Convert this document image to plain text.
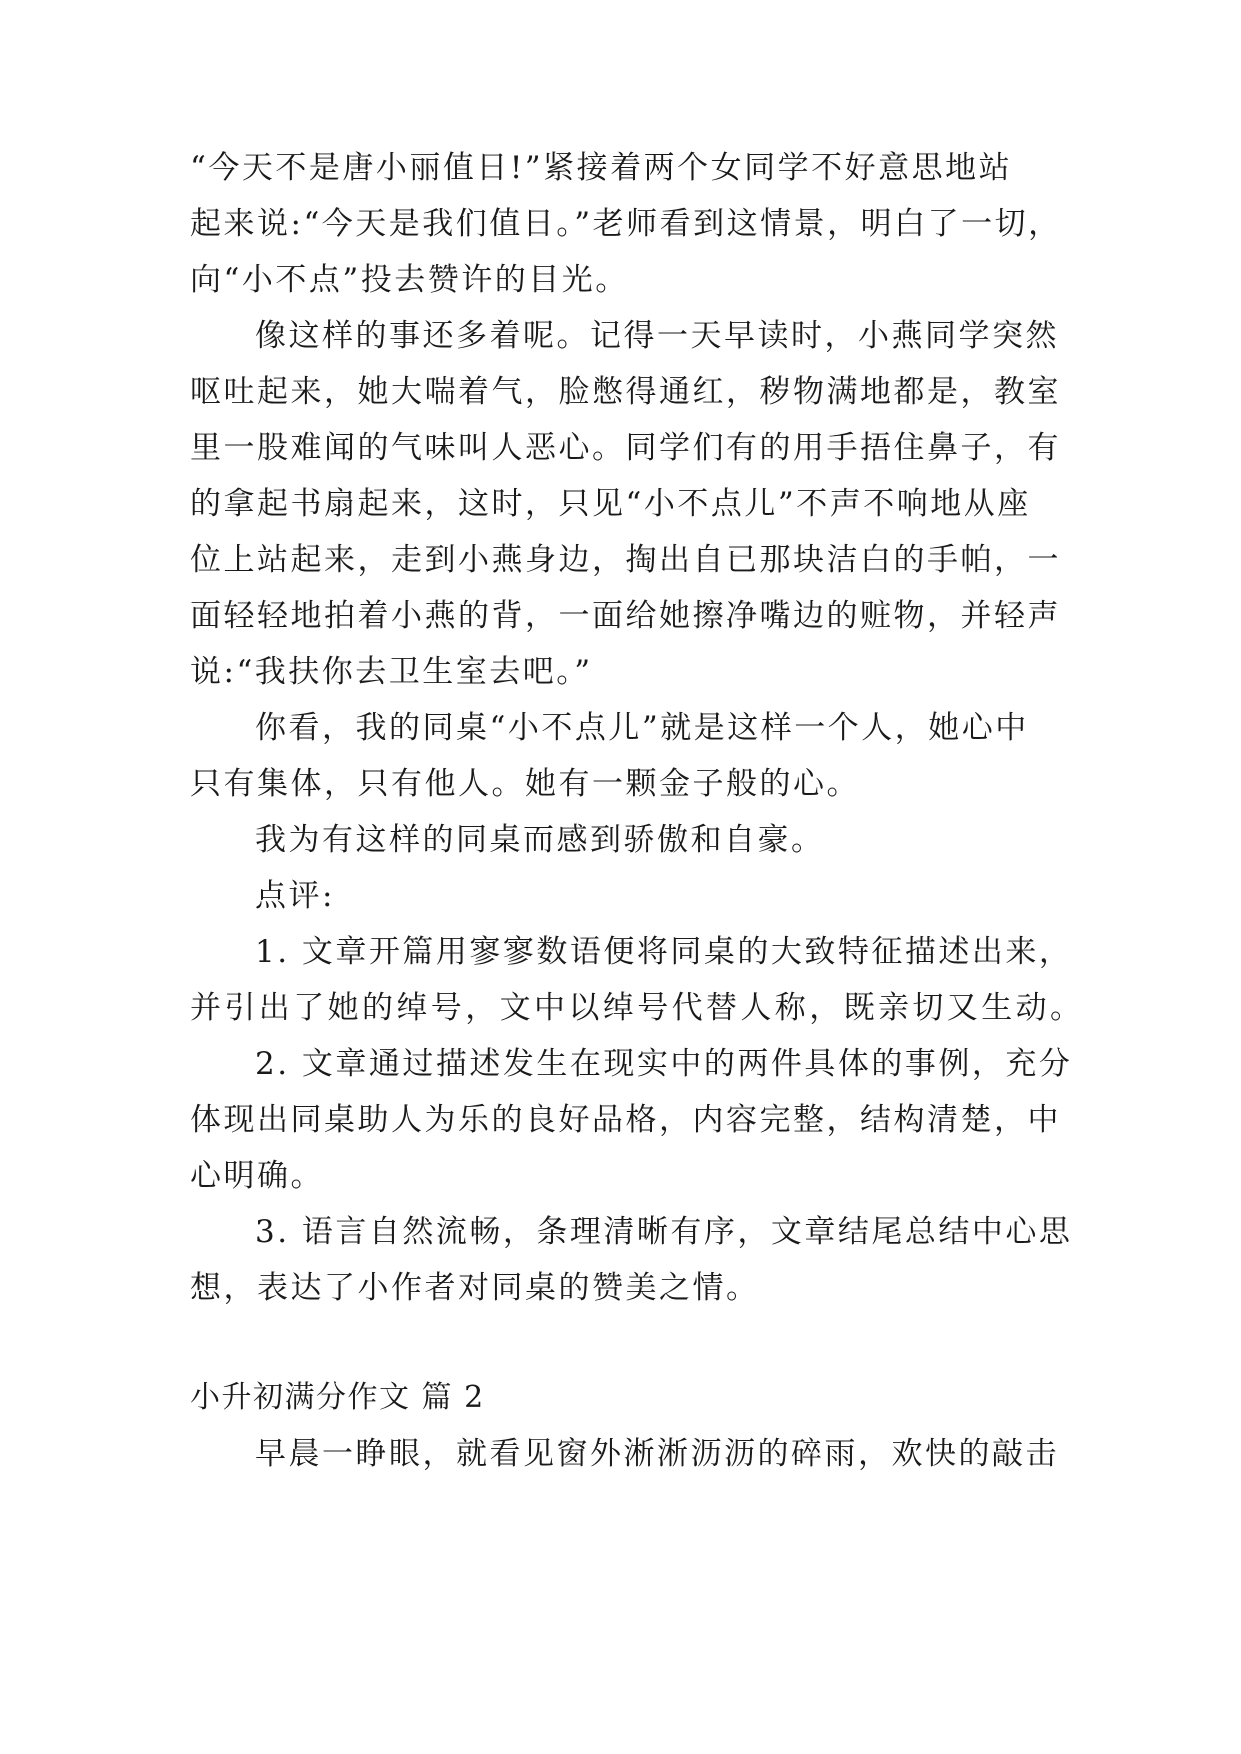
“今天不是唐小丽值日!”紧接着两个女同学不好意思地站
起来说:“今天是我们值日。”老师看到这情景，明白了一切，
向“小不点”投去赞许的目光。
像这样的事还多着呢。记得一天早读时，小燕同学突然
呕吐起来，她大喘着气，脸憋得通红，秽物满地都是，教室
里一股难闻的气味叫人恶心。同学们有的用手捂住鼻子，有
的拿起书扇起来，这时，只见“小不点儿”不声不响地从座
位上站起来，走到小燕身边，掏出自已那块洁白的手帕，一
面轻轻地拍着小燕的背，一面给她擦净嘴边的赃物，并轻声
说:“我扶你去卫生室去吧。”
你看，我的同桌“小不点儿”就是这样一个人，她心中
只有集体，只有他人。她有一颗金子般的心。
我为有这样的同桌而感到骄傲和自豪。
点评:
1. 文章开篇用寥寥数语便将同桌的大致特征描述出来，
并引出了她的绰号，文中以绰号代替人称，既亲切又生动。
2. 文章通过描述发生在现实中的两件具体的事例，充分
体现出同桌助人为乐的良好品格，内容完整，结构清楚，中
心明确。
3. 语言自然流畅，条理清晰有序，文章结尾总结中心思
想，表达了小作者对同桌的赞美之情。
小升初满分作文 篇 2
早晨一睁眼，就看见窗外淅淅沥沥的碎雨，欢快的敲击
